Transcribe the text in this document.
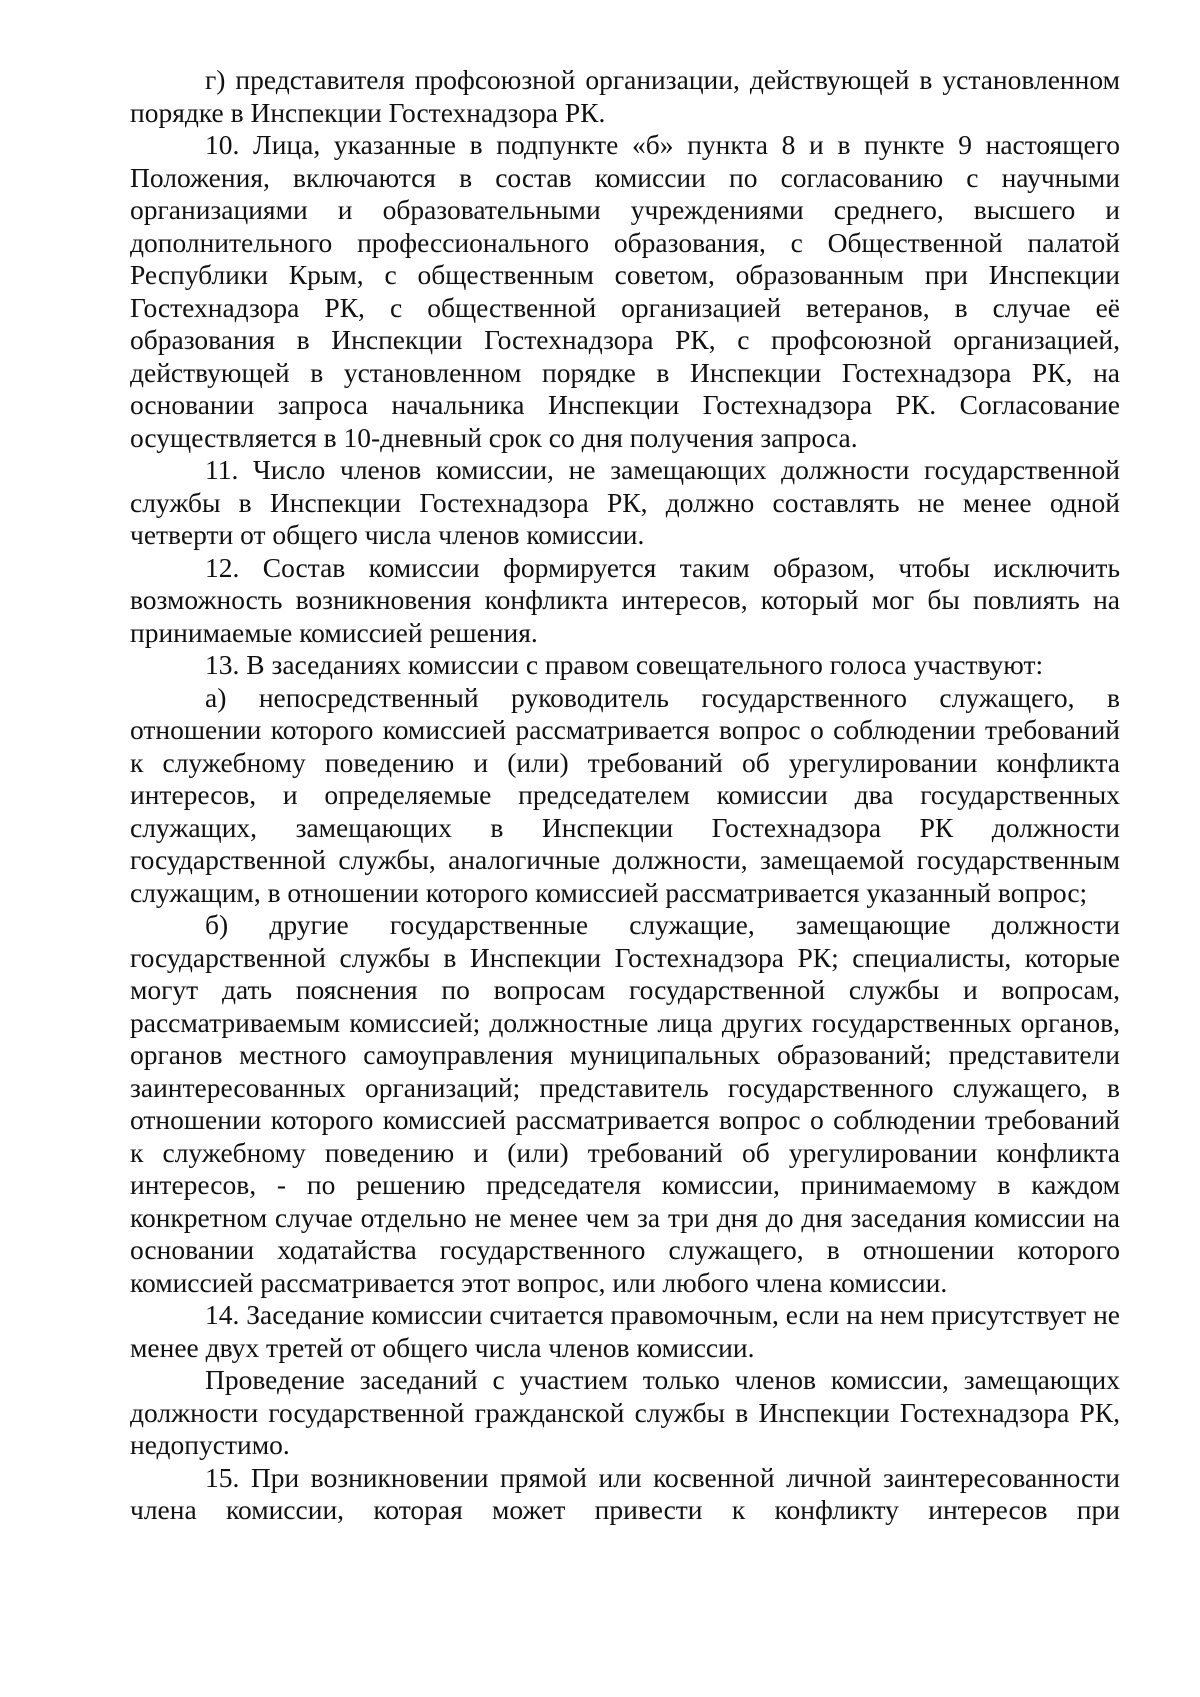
г) представителя профсоюзной организации, действующей в установленном порядке в Инспекции Гостехнадзора РК.

10. Лица, указанные в подпункте «б» пункта 8 и в пункте 9 настоящего Положения, включаются в состав комиссии по согласованию с научными организациями и образовательными учреждениями среднего, высшего и дополнительного профессионального образования, с Общественной палатой Республики Крым, с общественным советом, образованным при Инспекции Гостехнадзора РК, с общественной организацией ветеранов, в случае её образования в Инспекции Гостехнадзора РК, с профсоюзной организацией, действующей в установленном порядке в Инспекции Гостехнадзора РК, на основании запроса начальника Инспекции Гостехнадзора РК. Согласование осуществляется в 10-дневный срок со дня получения запроса.

11. Число членов комиссии, не замещающих должности государственной службы в Инспекции Гостехнадзора РК, должно составлять не менее одной четверти от общего числа членов комиссии.

12. Состав комиссии формируется таким образом, чтобы исключить возможность возникновения конфликта интересов, который мог бы повлиять на принимаемые комиссией решения.

13. В заседаниях комиссии с правом совещательного голоса участвуют:

а) непосредственный руководитель государственного служащего, в отношении которого комиссией рассматривается вопрос о соблюдении требований к служебному поведению и (или) требований об урегулировании конфликта интересов, и определяемые председателем комиссии два государственных служащих, замещающих в Инспекции Гостехнадзора РК должности государственной службы, аналогичные должности, замещаемой государственным служащим, в отношении которого комиссией рассматривается указанный вопрос;

б) другие государственные служащие, замещающие должности государственной службы в Инспекции Гостехнадзора РК; специалисты, которые могут дать пояснения по вопросам государственной службы и вопросам, рассматриваемым комиссией; должностные лица других государственных органов, органов местного самоуправления муниципальных образований; представители заинтересованных организаций; представитель государственного служащего, в отношении которого комиссией рассматривается вопрос о соблюдении требований к служебному поведению и (или) требований об урегулировании конфликта интересов, - по решению председателя комиссии, принимаемому в каждом конкретном случае отдельно не менее чем за три дня до дня заседания комиссии на основании ходатайства государственного служащего, в отношении которого комиссией рассматривается этот вопрос, или любого члена комиссии.

14. Заседание комиссии считается правомочным, если на нем присутствует не менее двух третей от общего числа членов комиссии.

Проведение заседаний с участием только членов комиссии, замещающих должности государственной гражданской службы в Инспекции Гостехнадзора РК, недопустимо.

15. При возникновении прямой или косвенной личной заинтересованности члена комиссии, которая может привести к конфликту интересов при
